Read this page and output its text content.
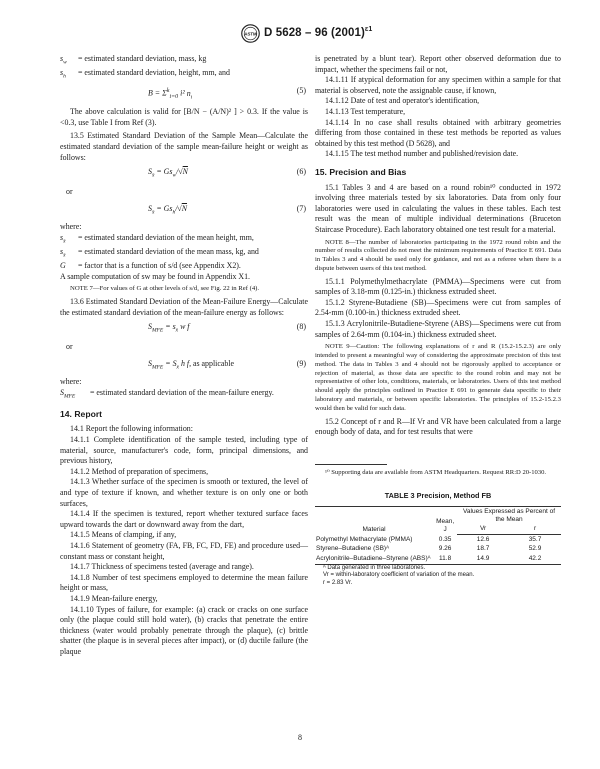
ASTM D 5628 – 96 $(2001)^{\varepsilon 1}$
$s_w$	= estimated standard deviation, mass, kg
$s_h$	= estimated standard deviation, height, mm, and
$B = \Sigma^k_{i=0}$ i² $n_i$
(5)

The above calculation is valid for [B/N − (A/N)² ] > 0.3. If the value is <0.3, use Table I from Ref (3).

13.5 Estimated Standard Deviation of the Sample Mean—Calculate the estimated standard deviation of the sample mean-failure height or weight as follows:

$S_{x̄} = Gs_w/√N$	(6)
or
$S_{x̄} = Gs_h/√N$	(7)

where:

$s_{x̄}$	= estimated standard deviation of the mean height, mm,
$s_{x̄}$	= estimated standard deviation of the mean mass, kg, and
G	= factor that is a function of s/d (see Appendix X2).

A sample computation of sw may be found in Appendix X1.

NOTE 7—For values of G at other levels of s/d, see Fig. 22 in Ref (4).

13.6 Estimated Standard Deviation of the Mean-Failure Energy—Calculate the estimated standard deviation of the mean-failure energy as follows:

$S_{MFE} = s_{x̄}$ w f	(8)
or
$S_{MFE} = S_{x̄}$ h f, as applicable	(9)

where:

$S_{MFE}$	= estimated standard deviation of the mean-failure energy.
14. Report

14.1 Report the following information:

14.1.1 Complete identification of the sample tested, including type of material, source, manufacturer's code, form, principal dimensions, and previous history,

14.1.2 Method of preparation of specimens,

14.1.3 Whether surface of the specimen is smooth or textured, the level of and type of texture if known, and whether texture is on only one or both surfaces,

14.1.4 If the specimen is textured, report whether textured surface faces upward towards the dart or downward away from the dart,

14.1.5 Means of clamping, if any,

14.1.6 Statement of geometry (FA, FB, FC, FD, FE) and procedure used—constant mass or constant height,

14.1.7 Thickness of specimens tested (average and range).

14.1.8 Number of test specimens employed to determine the mean failure height or mass,

14.1.9 Mean-failure energy,

14.1.10 Types of failure, for example: (a) crack or cracks on one surface only (the plaque could still hold water), (b) cracks that penetrate the entire thickness (water would probably penetrate through the plaque), (c) brittle shatter (the plaque is in several pieces after impact), or (d) ductile failure (the plaque

is penetrated by a blunt tear). Report other observed deformation due to impact, whether the specimens fail or not,

14.1.11 If atypical deformation for any specimen within a sample for that material is observed, note the assignable cause, if known,

14.1.12 Date of test and operator's identification,

14.1.13 Test temperature,

14.1.14 In no case shall results obtained with arbitrary geometries differing from those contained in these test methods be reported as values obtained by this test method (D 5628), and

14.1.15 The test method number and published/revision date.

15. Precision and Bias

15.1 Tables 3 and 4 are based on a round robin¹⁰ conducted in 1972 involving three materials tested by six laboratories. Data from only four laboratories were used in calculating the values in these tables. Each test result was the mean of multiple individual determinations (Bruceton Staircase Procedure). Each laboratory obtained one test result for a material.

NOTE 8—The number of laboratories participating in the 1972 round robin and the number of results collected do not meet the minimum requirements of Practice E 691. Data in Tables 3 and 4 should be used only for guidance, and not as a referee when there is a dispute between users of this test method.

15.1.1 Polymethylmethacrylate (PMMA)—Specimens were cut from samples of 3.18-mm (0.125-in.) thickness extruded sheet.

15.1.2 Styrene-Butadiene (SB)—Specimens were cut from samples of 2.54-mm (0.100-in.) thickness extruded sheet.

15.1.3 Acrylonitrile-Butadiene-Styrene (ABS)—Specimens were cut from samples of 2.64-mm (0.104-in.) thickness extruded sheet.

NOTE 9—Caution: The following explanations of r and R (15.2-15.2.3) are only intended to present a meaningful way of considering the approximate precision of this test method. The data in Tables 3 and 4 should not be rigorously applied to acceptance or rejection of material, as those data are specific to the round robin and may not be representative of other lots, conditions, materials, or laboratories. Users of this test method should apply the principles outlined in Practice E 691 to generate data specific to their laboratory and materials, or between specific laboratories. The principles of 15.2-15.2.3 would then be valid for such data.

15.2 Concept of r and R—If Vr and VR have been calculated from a large enough body of data, and for test results that were

¹⁰ Supporting data are available from ASTM Headquarters. Request RR:D 20-1030.
TABLE 3 Precision, Method FB
Material	Mean, J	Values Expressed as Percent of the Mean	
		Vr	r
Polymethyl Methacrylate (PMMA)	0.35	12.6	35.7
Styrene–Butadiene (SB)ᴬ	9.26	18.7	52.9
Acrylonitrile–Butadiene–Styrene (ABS)ᴬ	11.8	14.9	42.2
ᴬ Data generated in three laboratories.
Vr = within-laboratory coefficient of variation of the mean.
r = 2.83 Vr.
8
